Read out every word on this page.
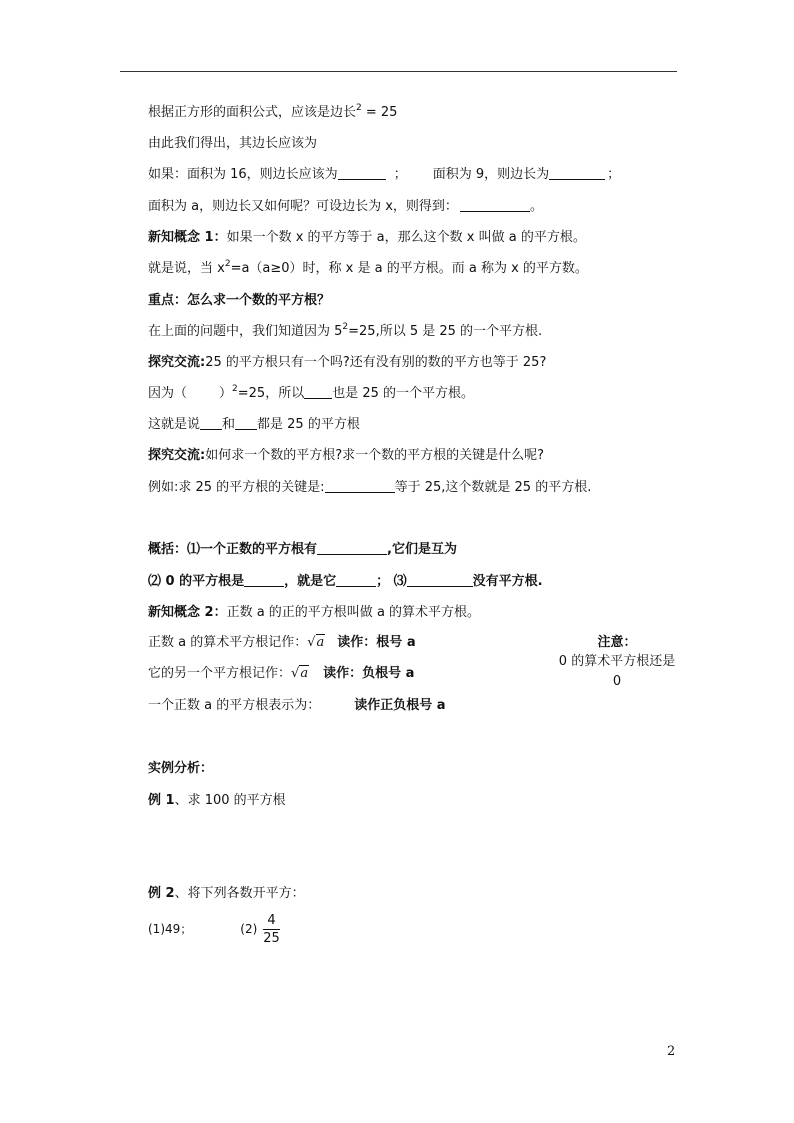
根据正方形的面积公式，应该是边长$^2$ = 25
由此我们得出，其边长应该为
如果：面积为 16，则边长应该为	； 面积为 9，则边长为	；
面积为 a，则边长又如何呢？可设边长为 x，则得到：	。
新知概念 1：如果一个数 x 的平方等于 a，那么这个数 x 叫做 a 的平方根。
就是说，当 $x^2=a(a\ge 0)$时，称 x 是 a 的平方根。而 a 称为 x 的平方数。
重点：怎么求一个数的平方根？
在上面的问题中，我们知道因为 $5^2=25$,所以 5 是 25 的一个平方根.
探究交流:25 的平方根只有一个吗?还有没有别的数的平方也等于 25?
因为（ ）$^2$=25，所以 也是 25 的一个平方根。
这就是说 和 都是 25 的平方根
探究交流:如何求一个数的平方根?求一个数的平方根的关键是什么呢?
例如:求 25 的平方根的关键是:	等于 25,这个数就是 25 的平方根.
概括：⑴一个正数的平方根有	,它们是互为
⑵ 0 的平方根是	，就是它	； ⑶	没有平方根.
新知概念 2：正数 a 的正的平方根叫做 a 的算术平方根。
正数 a 的算术平方根记作：√a 读作：根号 a	注意：
0 的算术平方根还是 0
它的另一个平方根记作：√a 读作：负根号 a
一个正数 a 的平方根表示为：	读作正负根号 a
实例分析：
例 1、求 100 的平方根
例 2、将下列各数开平方：
(1)49；	$(2) \frac{4}{25}$
2
